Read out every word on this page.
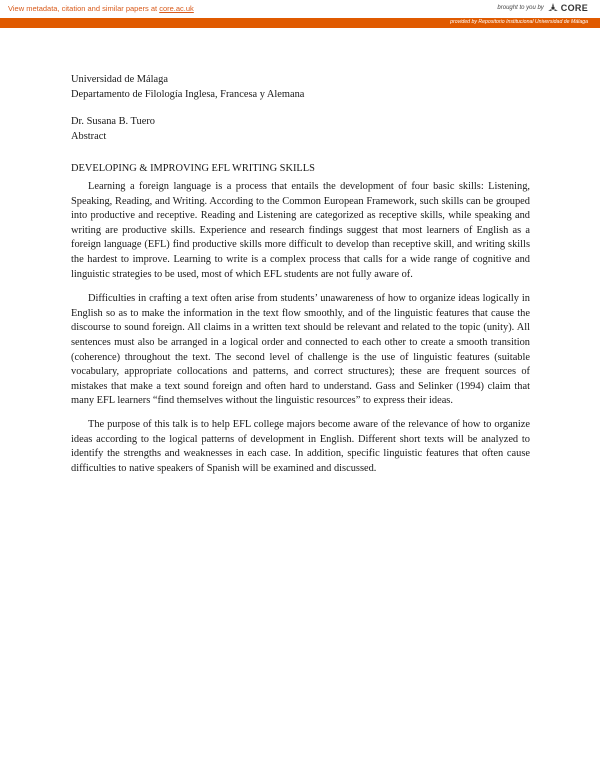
View metadata, citation and similar papers at core.ac.uk	brought to you by CORE
provided by Repositorio Institucional Universidad de Málaga
Universidad de Málaga
Departamento de Filología Inglesa, Francesa y Alemana
Dr. Susana B. Tuero
Abstract
DEVELOPING & IMPROVING EFL WRITING SKILLS

Learning a foreign language is a process that entails the development of four basic skills: Listening, Speaking, Reading, and Writing. According to the Common European Framework, such skills can be grouped into productive and receptive. Reading and Listening are categorized as receptive skills, while speaking and writing are productive skills. Experience and research findings suggest that most learners of English as a foreign language (EFL) find productive skills more difficult to develop than receptive skill, and writing skills the hardest to improve. Learning to write is a complex process that calls for a wide range of cognitive and linguistic strategies to be used, most of which EFL students are not fully aware of.

Difficulties in crafting a text often arise from students’ unawareness of how to organize ideas logically in English so as to make the information in the text flow smoothly, and of the linguistic features that cause the discourse to sound foreign. All claims in a written text should be relevant and related to the topic (unity). All sentences must also be arranged in a logical order and connected to each other to create a smooth transition (coherence) throughout the text. The second level of challenge is the use of linguistic features (suitable vocabulary, appropriate collocations and patterns, and correct structures); these are frequent sources of mistakes that make a text sound foreign and often hard to understand. Gass and Selinker (1994) claim that many EFL learners “find themselves without the linguistic resources” to express their ideas.

The purpose of this talk is to help EFL college majors become aware of the relevance of how to organize ideas according to the logical patterns of development in English. Different short texts will be analyzed to identify the strengths and weaknesses in each case. In addition, specific linguistic features that often cause difficulties to native speakers of Spanish will be examined and discussed.
